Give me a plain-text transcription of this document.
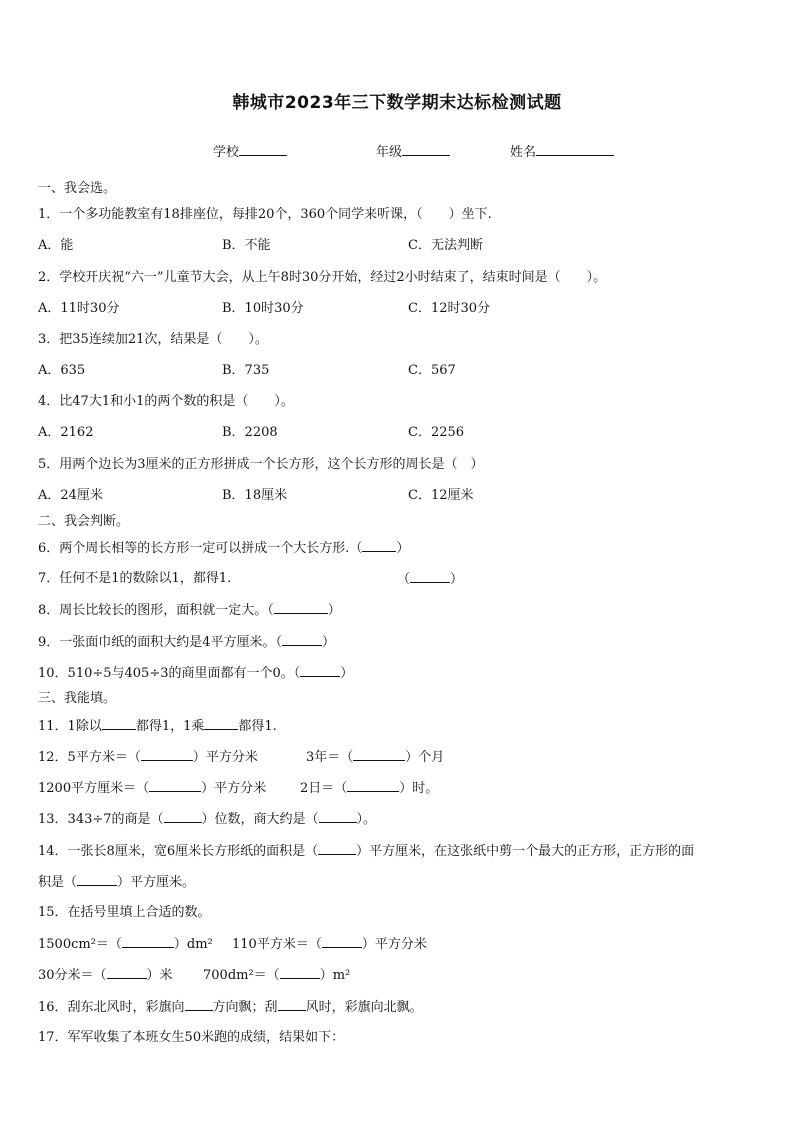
韩城市2023年三下数学期末达标检测试题
学校	年级	姓名
一、我会选。
1．一个多功能教室有18排座位，每排20个，360个同学来听课，（　　）坐下.
A．能	B．不能	C．无法判断
2．学校开庆祝“六一”儿童节大会，从上午8时30分开始，经过2小时结束了，结束时间是（　　）。
A．11时30分	B．10时30分	C．12时30分
3．把35连续加21次，结果是（　　）。
A．635	B．735	C．567
4．比47大1和小1的两个数的积是（　　）。
A．2162	B．2208	C．2256
5．用两个边长为3厘米的正方形拼成一个长方形，这个长方形的周长是（　）
A．24厘米	B．18厘米	C．12厘米
二、我会判断。
6．两个周长相等的长方形一定可以拼成一个大长方形.（	）
7．任何不是1的数除以1，都得1.	（	）
8．周长比较长的图形，面积就一定大。（	）
9．一张面巾纸的面积大约是4平方厘米。（	）
10．510÷5与405÷3的商里面都有一个0。（	）
三、我能填。
11．1除以	都得1，1乘	都得1.
12．5平方米＝（	）平方分米	3年＝（	）个月
1200平方厘米＝（	）平方分米	2日＝（	）时。
13．343÷7的商是（	）位数，商大约是（	）。
14．一张长8厘米，宽6厘米长方形纸的面积是（	）平方厘米，在这张纸中剪一个最大的正方形，正方形的面
积是（	）平方厘米。
15．在括号里填上合适的数。
1500cm²＝（	）dm² 110平方米＝（	）平方分米
30分米＝（	）米 700dm²＝（	）m²
16．刮东北风时，彩旗向 方向飘；刮 风时，彩旗向北飘。
17．军军收集了本班女生50米跑的成绩，结果如下：
